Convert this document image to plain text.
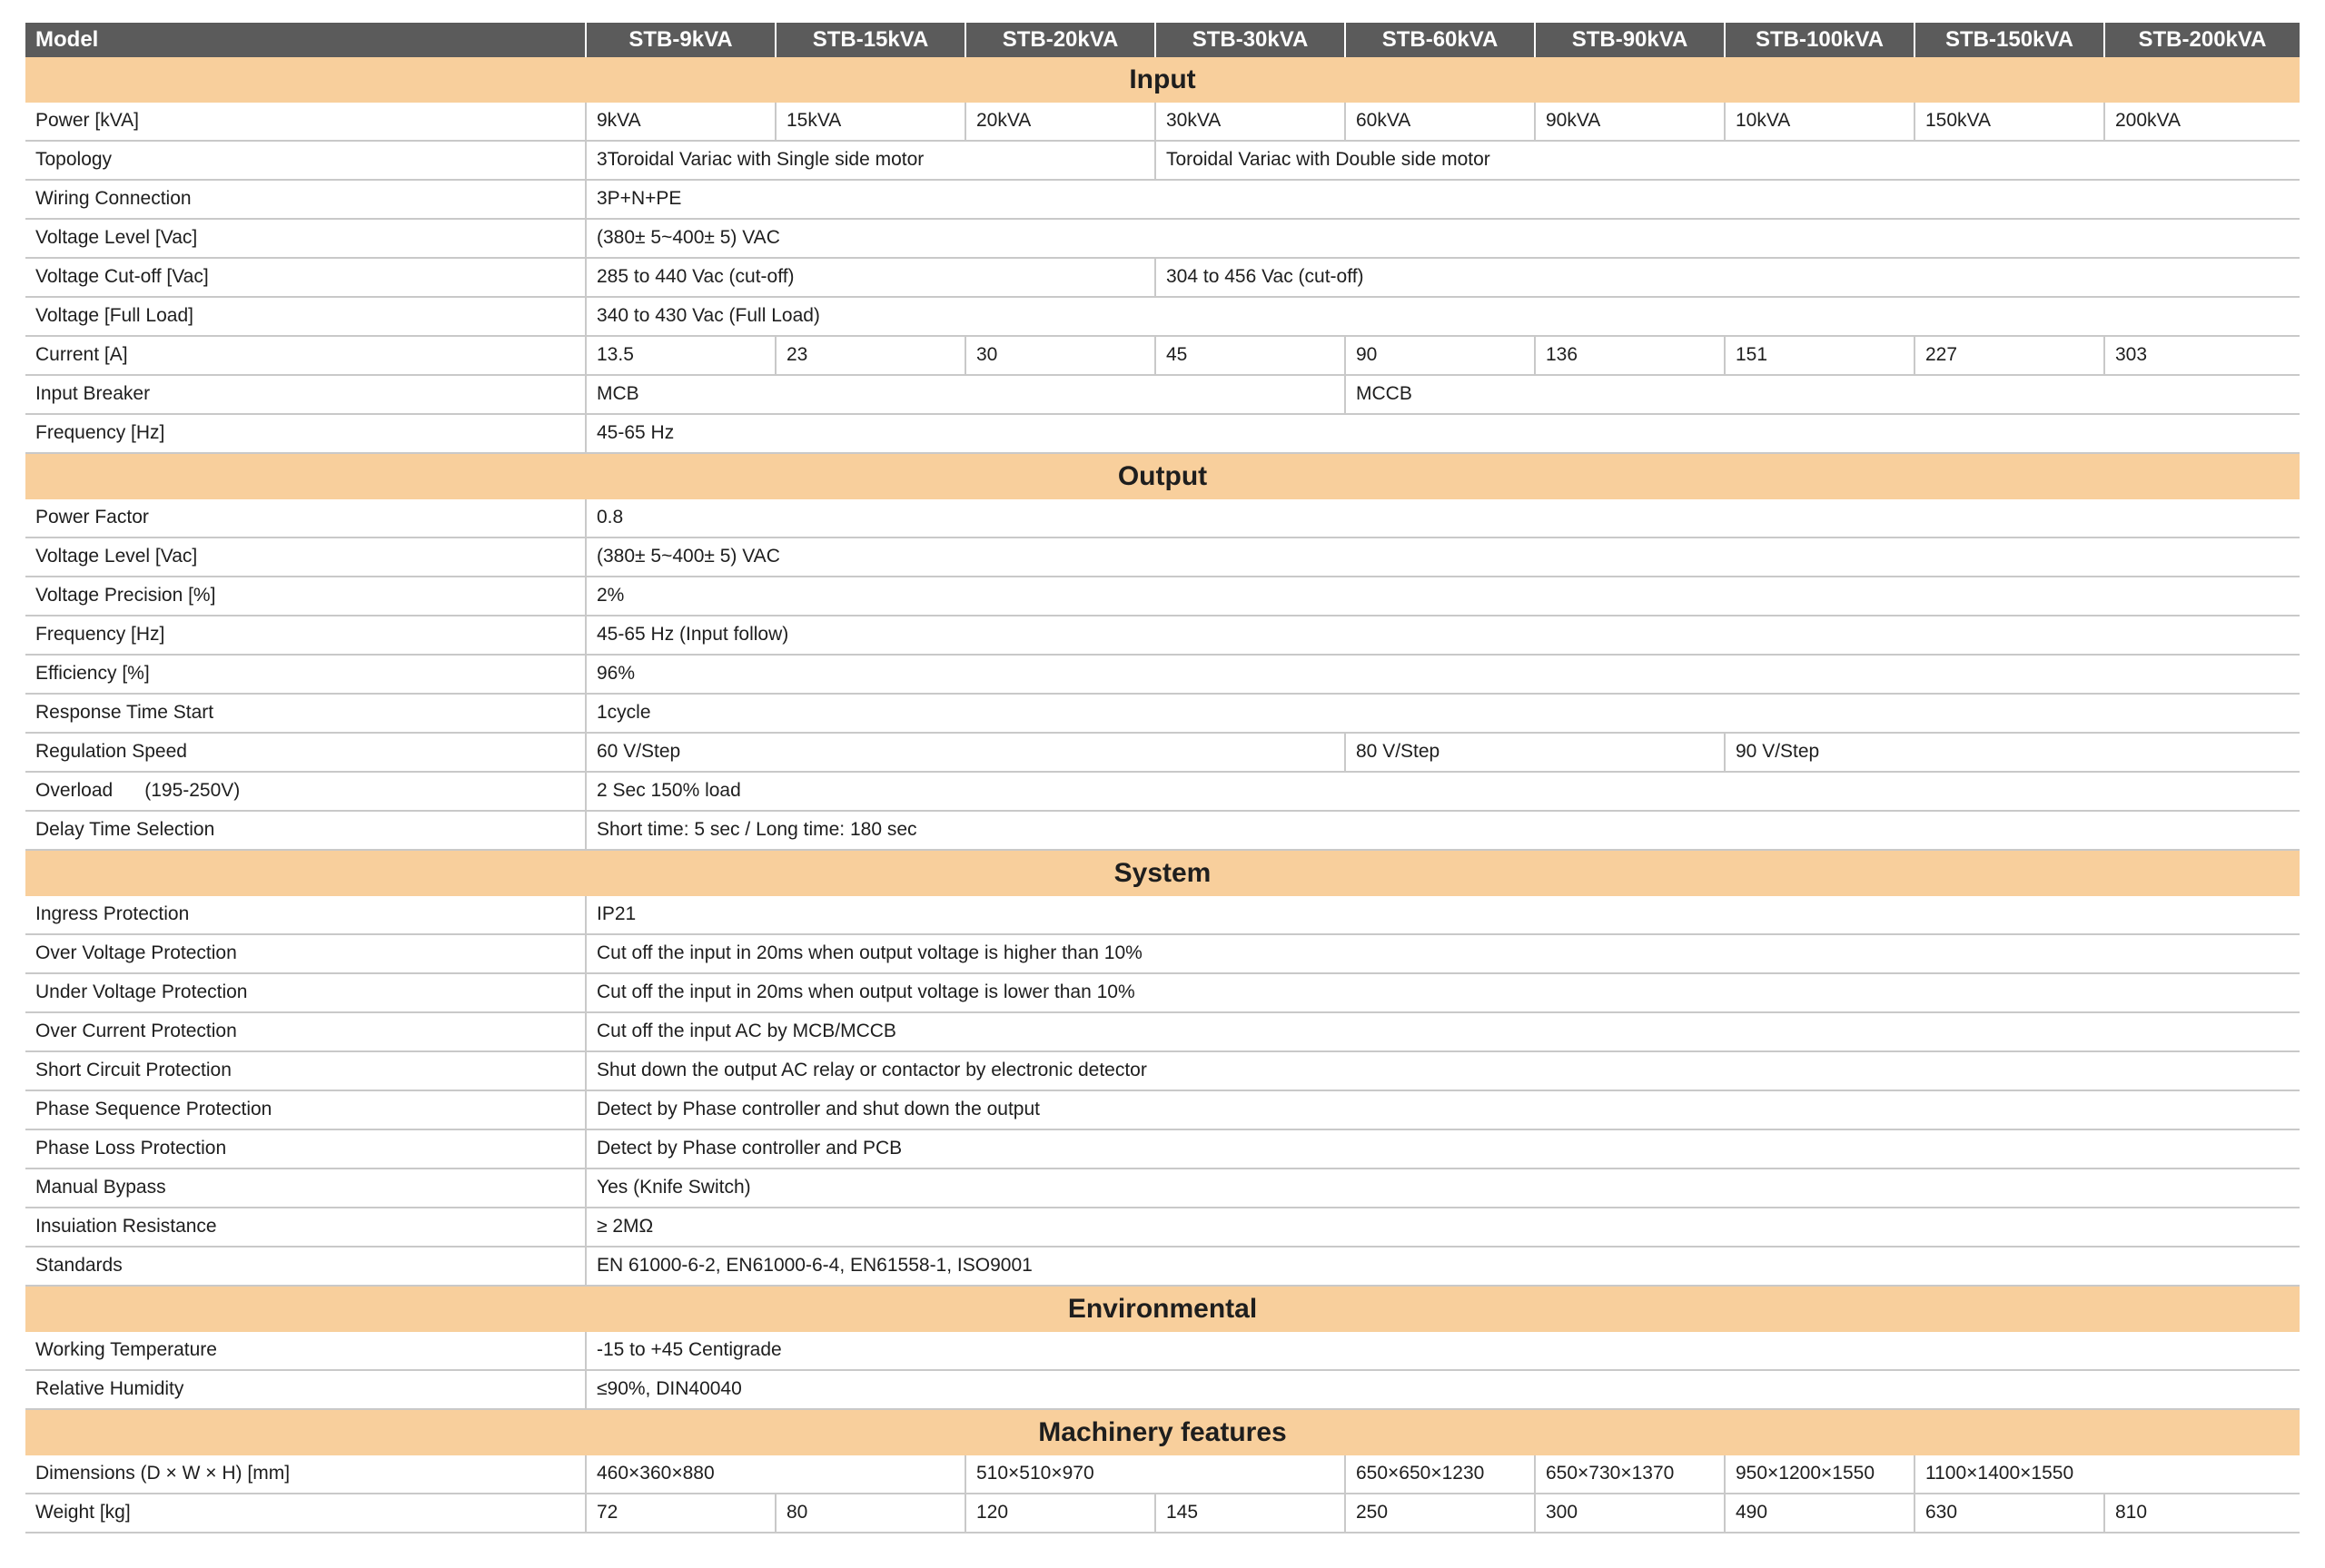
Model	STB-9kVA	STB-15kVA	STB-20kVA	STB-30kVA	STB-60kVA	STB-90kVA	STB-100kVA	STB-150kVA	STB-200kVA
Input									
Power [kVA]	9kVA	15kVA	20kVA	30kVA	60kVA	90kVA	10kVA	150kVA	200kVA
Topology	3Toroidal Variac with Single side motor			Toroidal Variac with Double side motor					
Wiring Connection	3P+N+PE								
Voltage Level [Vac]	(380± 5~400± 5) VAC								
Voltage Cut-off [Vac]	285 to 440 Vac (cut-off)			304 to 456 Vac (cut-off)					
Voltage [Full Load]	340 to 430 Vac (Full Load)								
Current [A]	13.5	23	30	45	90	136	151	227	303
Input Breaker	MCB				MCCB				
Frequency [Hz]	45-65 Hz								
Output									
Power Factor	0.8								
Voltage Level [Vac]	(380± 5~400± 5) VAC								
Voltage Precision [%]	2%								
Frequency [Hz]	45-65 Hz (Input follow)								
Efficiency [%]	96%								
Response Time Start	1cycle								
Regulation Speed	60 V/Step				80 V/Step		90 V/Step		
Overload      (195-250V)	2 Sec 150% load								
Delay Time Selection	Short time: 5 sec / Long time: 180 sec								
System									
Ingress Protection	IP21								
Over Voltage Protection	Cut off the input in 20ms when output voltage is higher than 10%								
Under Voltage Protection	Cut off the input in 20ms when output voltage is lower than 10%								
Over Current Protection	Cut off the input AC by MCB/MCCB								
Short Circuit Protection	Shut down the output AC relay or contactor by electronic detector								
Phase Sequence Protection	Detect by Phase controller and shut down the output								
Phase Loss Protection	Detect by Phase controller and PCB								
Manual Bypass	Yes (Knife Switch)								
Insuiation Resistance	≥ 2MΩ								
Standards	EN 61000-6-2, EN61000-6-4, EN61558-1, ISO9001								
Environmental									
Working Temperature	-15 to +45 Centigrade								
Relative Humidity	≤90%, DIN40040								
Machinery features									
Dimensions (D × W × H) [mm]	460×360×880		510×510×970		650×650×1230	650×730×1370	950×1200×1550	1100×1400×1550	
Weight [kg]	72	80	120	145	250	300	490	630	810
